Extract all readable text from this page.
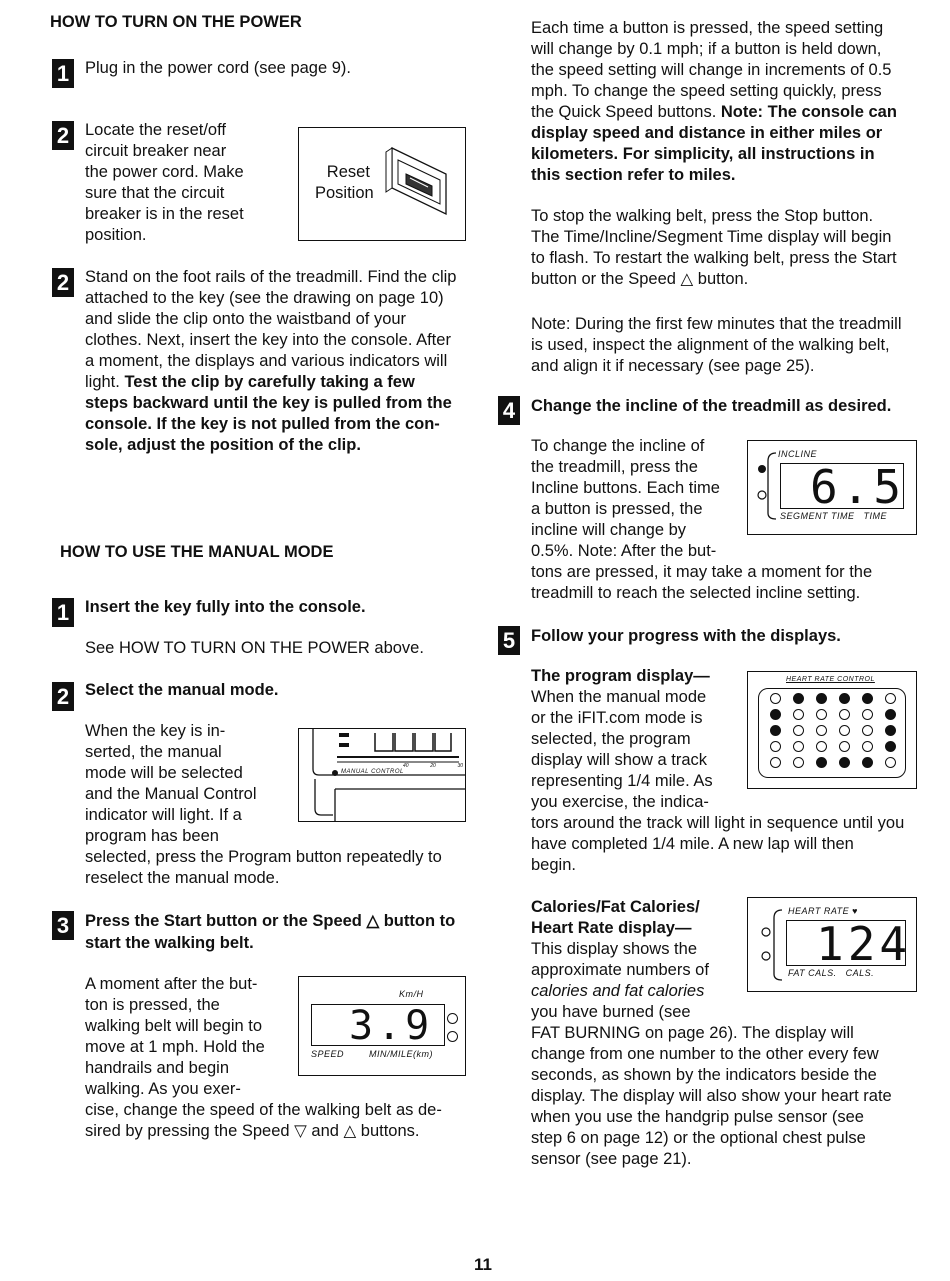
HOW TO TURN ON THE POWER
1 Plug in the power cord (see page 9).
2 Locate the reset/off
circuit breaker near
the power cord. Make
sure that the circuit
breaker is in the reset
position.
Reset
Position
2 Stand on the foot rails of the treadmill. Find the clip
attached to the key (see the drawing on page 10)
and slide the clip onto the waistband of your
clothes. Next, insert the key into the console. After
a moment, the displays and various indicators will
light. Test the clip by carefully taking a few
steps backward until the key is pulled from the
console. If the key is not pulled from the con-
sole, adjust the position of the clip.
HOW TO USE THE MANUAL MODE
1 Insert the key fully into the console.
See HOW TO TURN ON THE POWER above.
2 Select the manual mode.
When the key is in-
serted, the manual
mode will be selected
and the Manual Control
indicator will light. If a
program has been
selected, press the Program button repeatedly to
reselect the manual mode.
40	20	30
MANUAL CONTROL
3 Press the Start button or the Speed △ button to
start the walking belt.
A moment after the but-
ton is pressed, the
walking belt will begin to
move at 1 mph. Hold the
handrails and begin
walking. As you exer-
cise, change the speed of the walking belt as de-
sired by pressing the Speed ▽ and △ buttons.
Km/H
3.9
SPEED	MIN/MILE(km)
Each time a button is pressed, the speed setting
will change by 0.1 mph; if a button is held down,
the speed setting will change in increments of 0.5
mph. To change the speed setting quickly, press
the Quick Speed buttons. Note: The console can
display speed and distance in either miles or
kilometers. For simplicity, all instructions in
this section refer to miles.
To stop the walking belt, press the Stop button.
The Time/Incline/Segment Time display will begin
to flash. To restart the walking belt, press the Start
button or the Speed △ button.
Note: During the first few minutes that the treadmill
is used, inspect the alignment of the walking belt,
and align it if necessary (see page 25).
4 Change the incline of the treadmill as desired.
To change the incline of
the treadmill, press the
Incline buttons. Each time
a button is pressed, the
incline will change by
0.5%. Note: After the but-
tons are pressed, it may take a moment for the
treadmill to reach the selected incline setting.
INCLINE
6.5
SEGMENT TIME   TIME
5 Follow your progress with the displays.
The program display—
When the manual mode
or the iFIT.com mode is
selected, the program
display will show a track
representing 1/4 mile. As
you exercise, the indica-
tors around the track will light in sequence until you
have completed 1/4 mile. A new lap will then
begin.
HEART RATE CONTROL
Calories/Fat Calories/
Heart Rate display—
This display shows the
approximate numbers of
calories and fat calories
you have burned (see
FAT BURNING on page 26). The display will
change from one number to the other every few
seconds, as shown by the indicators beside the
display. The display will also show your heart rate
when you use the handgrip pulse sensor (see
step 6 on page 12) or the optional chest pulse
sensor (see page 21).
HEART RATE ♥
124
FAT CALS.   CALS.
11
